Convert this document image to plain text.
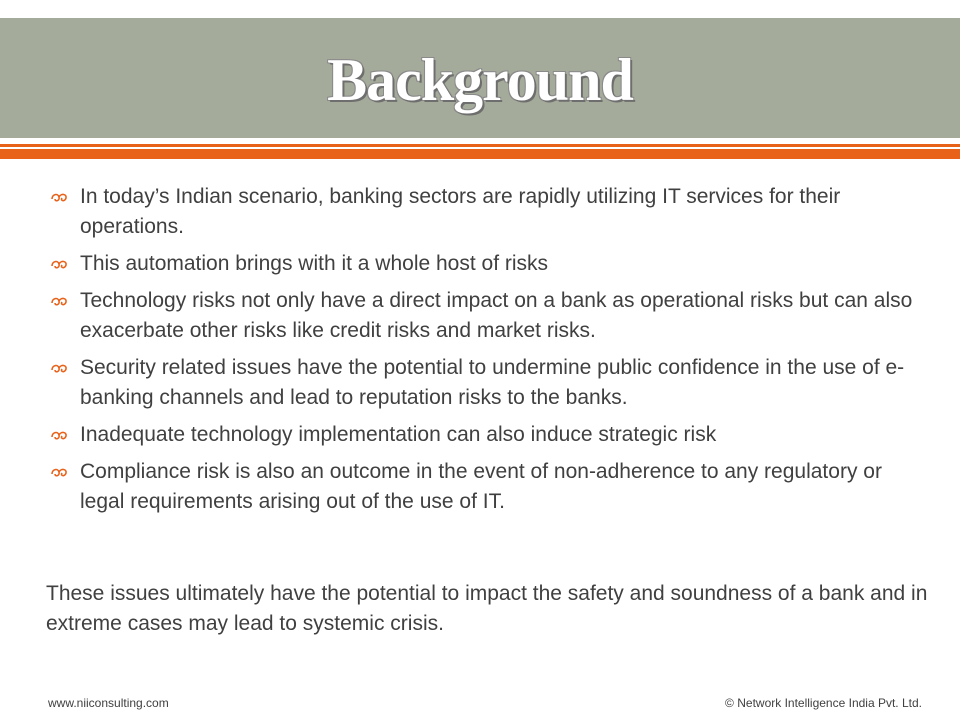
Background
In today’s Indian scenario, banking sectors are rapidly utilizing IT services for their operations.
This automation brings with it a whole host of risks
Technology risks not only have a direct impact on a bank as operational risks but can also exacerbate other risks like credit risks and market risks.
Security related issues have the potential to undermine public confidence in the use of e-banking channels and lead to reputation risks to the banks.
Inadequate technology implementation can also induce strategic risk
Compliance risk is also an outcome in the event of non-adherence to any regulatory or legal requirements arising out of the use of IT.

These issues ultimately have the potential to impact the safety and soundness of a bank and in extreme cases may lead to systemic crisis.

www.niiconsulting.com	© Network Intelligence India Pvt. Ltd.
